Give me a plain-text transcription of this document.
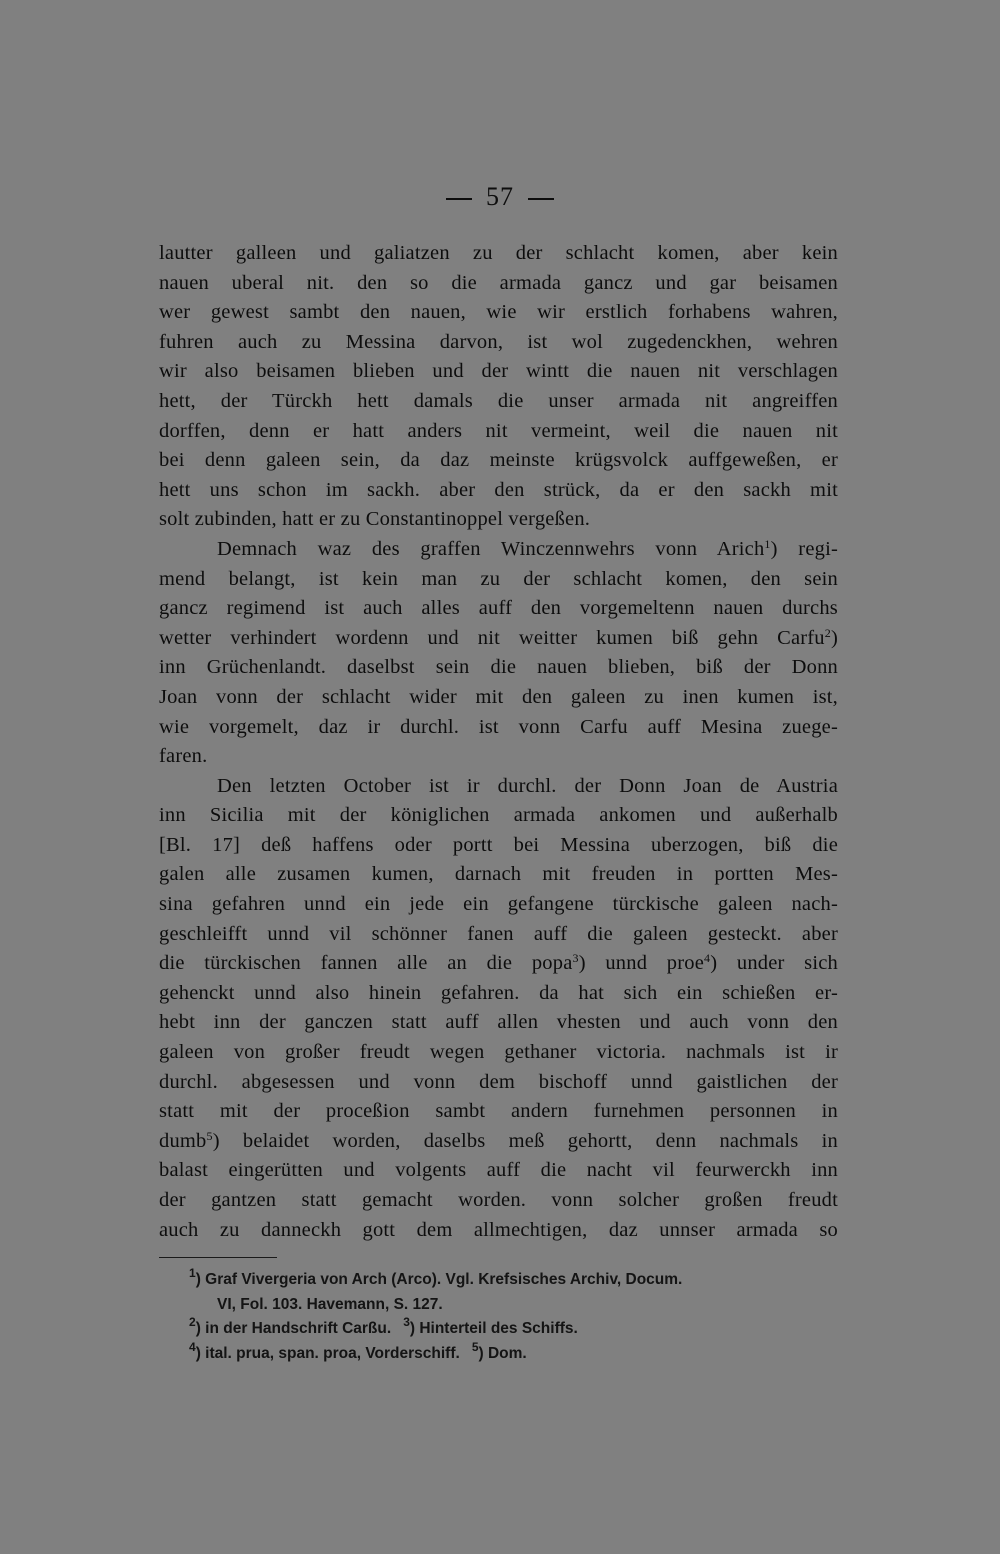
57
lautter galleen und galiatzen zu der schlacht komen, aber kein
nauen uberal nit. den so die armada gancz und gar beisamen
wer gewest sambt den nauen, wie wir erstlich forhabens wahren,
fuhren auch zu Messina darvon, ist wol zugedenckhen, wehren
wir also beisamen blieben und der wintt die nauen nit verschlagen
hett, der Türckh hett damals die unser armada nit angreiffen
dorffen, denn er hatt anders nit vermeint, weil die nauen nit
bei denn galeen sein, da daz meinste krügsvolck auffgeweßen, er
hett uns schon im sackh. aber den strück, da er den sackh mit
solt zubinden, hatt er zu Constantinoppel vergeßen.
Demnach waz des graffen Winczennwehrs vonn Arich$^1$) regi-
mend belangt, ist kein man zu der schlacht komen, den sein
gancz regimend ist auch alles auff den vorgemeltenn nauen durchs
wetter verhindert wordenn und nit weitter kumen biß gehn Carfu$^2$)
inn Grüchenlandt. daselbst sein die nauen blieben, biß der Donn
Joan vonn der schlacht wider mit den galeen zu inen kumen ist,
wie vorgemelt, daz ir durchl. ist vonn Carfu auff Mesina zuege-
faren.
Den letzten October ist ir durchl. der Donn Joan de Austria
inn Sicilia mit der königlichen armada ankomen und außerhalb
[Bl. 17] deß haffens oder portt bei Messina uberzogen, biß die
galen alle zusamen kumen, darnach mit freuden in portten Mes-
sina gefahren unnd ein jede ein gefangene türckische galeen nach-
geschleifft unnd vil schönner fanen auff die galeen gesteckt. aber
die türckischen fannen alle an die popa$^3$) unnd proe$^4$) under sich
gehenckt unnd also hinein gefahren. da hat sich ein schießen er-
hebt inn der ganczen statt auff allen vhesten und auch vonn den
galeen von großer freudt wegen gethaner victoria. nachmals ist ir
durchl. abgesessen und vonn dem bischoff unnd gaistlichen der
statt mit der proceßion sambt andern furnehmen personnen in
dumb$^5$) belaidet worden, daselbs meß gehortt, denn nachmals in
balast eingerütten und volgents auff die nacht vil feurwerckh inn
der gantzen statt gemacht worden. vonn solcher großen freudt
auch zu danneckh gott dem allmechtigen, daz unnser armada so
$^1$) Graf Vivergeria von Arch (Arco). Vgl. Krefsisches Archiv, Docum.
VI, Fol. 103. Havemann, S. 127.
$^2$) in der Handschrift Carßu. $^3$) Hinterteil des Schiffs.
$^4$) ital. prua, span. proa, Vorderschiff. $^5$) Dom.
